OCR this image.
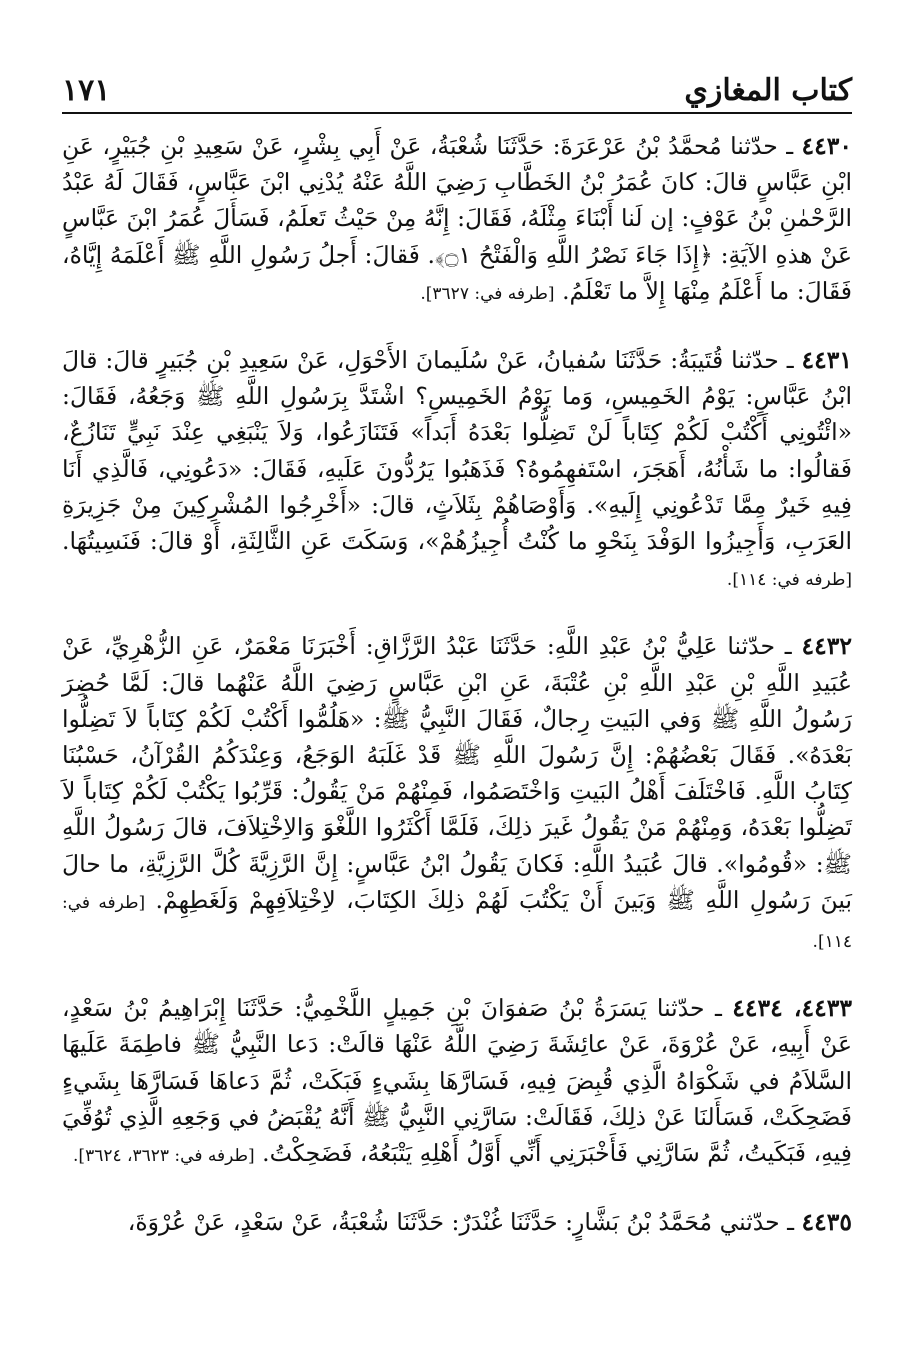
كتاب المغازي
١٧١

٤٤٣٠ ـ حدّثنا مُحمَّدُ بْنُ عَرْعَرَةَ: حَدَّثَنَا شُعْبَةُ، عَنْ أَبِي بِشْرٍ، عَنْ سَعِيدِ بْنِ جُبَيْرٍ، عَنِ ابْنِ عَبَّاسٍ قالَ: كانَ عُمَرُ بْنُ الخَطَّابِ رَضِيَ اللَّهُ عَنْهُ يُدْنِي ابْنَ عَبَّاسٍ، فَقَالَ لَهُ عَبْدُ الرَّحْمٰنِ بْنُ عَوْفٍ: إن لَنا أَبْنَاءَ مِثْلَهُ، فَقَالَ: إِنَّهُ مِنْ حَيْثُ تَعلَمُ، فَسَأَلَ عُمَرُ ابْنَ عَبَّاسٍ عَنْ هذهِ الآيَةِ: ﴿إِذَا جَاءَ نَصْرُ اللَّهِ وَالْفَتْحُ ۝١﴾. فَقالَ: أَجلُ رَسُولِ اللَّهِ ﷺ أَعْلَمَهُ إِيَّاهُ، فَقَالَ: ما أَعْلَمُ مِنْهَا إِلاَّ ما تَعْلَمُ. [طرفه في: ٣٦٢٧].

٤٤٣١ ـ حدّثنا قُتَيبَةُ: حَدَّثَنَا سُفيانُ، عَنْ سُلَيمانَ الأَحْوَلِ، عَنْ سَعِيدِ بْنِ جُبَيرٍ قالَ: قالَ ابْنُ عَبَّاسٍ: يَوْمُ الخَمِيسِ، وَما يَوْمُ الخَمِيسِ؟ اشْتَدَّ بِرَسُولِ اللَّهِ ﷺ وَجَعُهُ، فَقَالَ: «ائْتُونِي أَكْتُبْ لَكُمْ كِتَاباً لَنْ تَضِلُّوا بَعْدَهُ أَبَداً» فَتَنَازَعُوا، وَلاَ يَنْبَغِي عِنْدَ نَبِيٍّ تَنَازُعٌ، فَقالُوا: ما شَأْنُهُ، أَهَجَرَ، اسْتَفهِمُوهُ؟ فَذَهَبُوا يَرُدُّونَ عَلَيهِ، فَقَالَ: «دَعُونِي، فَالَّذِي أَنَا فِيهِ خَيرٌ مِمَّا تَدْعُونِي إِلَيهِ». وَأَوْصَاهُمْ بِثَلاَثٍ، قالَ: «أَخْرِجُوا المُشْرِكِينَ مِنْ جَزِيرَةِ العَرَبِ، وَأَجِيزُوا الوَفْدَ بِنَحْوِ ما كُنْتُ أُجِيزُهُمْ»، وَسَكَتَ عَنِ الثَّالِثَةِ، أَوْ قالَ: فَنَسِيتُهَا. [طرفه في: ١١٤].

٤٤٣٢ ـ حدّثنا عَلِيُّ بْنُ عَبْدِ اللَّهِ: حَدَّثَنَا عَبْدُ الرَّزَّاقِ: أَخْبَرَنَا مَعْمَرٌ، عَنِ الزُّهْرِيِّ، عَنْ عُبَيدِ اللَّهِ بْنِ عَبْدِ اللَّهِ بْنِ عُتْبَةَ، عَنِ ابْنِ عَبَّاسٍ رَضِيَ اللَّهُ عَنْهُما قالَ: لَمَّا حُضِرَ رَسُولُ اللَّهِ ﷺ وَفي البَيتِ رِجالٌ، فَقَالَ النَّبِيُّ ﷺ: «هَلُمُّوا أَكْتُبْ لَكُمْ كِتَاباً لاَ تَضِلُّوا بَعْدَهُ». فَقَالَ بَعْضُهُمْ: إِنَّ رَسُولَ اللَّهِ ﷺ قَدْ غَلَبَهُ الوَجَعُ، وَعِنْدَكُمُ القُرْآنُ، حَسْبُنَا كِتَابُ اللَّهِ. فَاخْتَلَفَ أَهْلُ البَيتِ وَاخْتَصَمُوا، فَمِنْهُمْ مَنْ يَقُولُ: قَرِّبُوا يَكْتُبْ لَكُمْ كِتَاباً لاَ تَضِلُّوا بَعْدَهُ، وَمِنْهُمْ مَنْ يَقُولُ غَيرَ ذلِكَ، فَلَمَّا أَكْثَرُوا اللَّغْوَ وَالاِخْتِلاَفَ، قالَ رَسُولُ اللَّهِ ﷺ: «قُومُوا». قالَ عُبَيدُ اللَّهِ: فَكانَ يَقُولُ ابْنُ عَبَّاسٍ: إِنَّ الرَّزِيَّةَ كُلَّ الرَّزِيَّةِ، ما حالَ بَينَ رَسُولِ اللَّهِ ﷺ وَبَينَ أَنْ يَكْتُبَ لَهُمْ ذلِكَ الكِتَابَ، لاِخْتِلاَفِهِمْ وَلَغَطِهِمْ. [طرفه في: ١١٤].

٤٤٣٣، ٤٤٣٤ ـ حدّثنا يَسَرَةُ بْنُ صَفوَانَ بْنِ جَمِيلٍ اللَّخْمِيُّ: حَدَّثَنَا إِبْرَاهِيمُ بْنُ سَعْدٍ، عَنْ أَبِيهِ، عَنْ عُرْوَةَ، عَنْ عائِشَةَ رَضِيَ اللَّهُ عَنْهَا قالَتْ: دَعا النَّبِيُّ ﷺ فاطِمَةَ عَلَيهَا السَّلاَمُ في شَكْوَاهُ الَّذِي قُبِضَ فِيهِ، فَسَارَّهَا بِشَيءٍ فَبَكَتْ، ثُمَّ دَعاهَا فَسَارَّهَا بِشَيءٍ فَضَحِكَتْ، فَسَأَلنَا عَنْ ذلِكَ، فَقَالَتْ: سَارَّنِي النَّبِيُّ ﷺ أَنَّهُ يُقْبَضُ في وَجَعِهِ الَّذِي تُوُفِّيَ فِيهِ، فَبَكَيتُ، ثُمَّ سَارَّنِي فَأَخْبَرَنِي أَنِّي أَوَّلُ أَهْلِهِ يَتْبَعُهُ، فَضَحِكْتُ. [طرفه في: ٣٦٢٣، ٣٦٢٤].

٤٤٣٥ ـ حدّثني مُحَمَّدُ بْنُ بَشَّارٍ: حَدَّثَنَا غُنْدَرٌ: حَدَّثَنَا شُعْبَةُ، عَنْ سَعْدٍ، عَنْ عُرْوَةَ،
